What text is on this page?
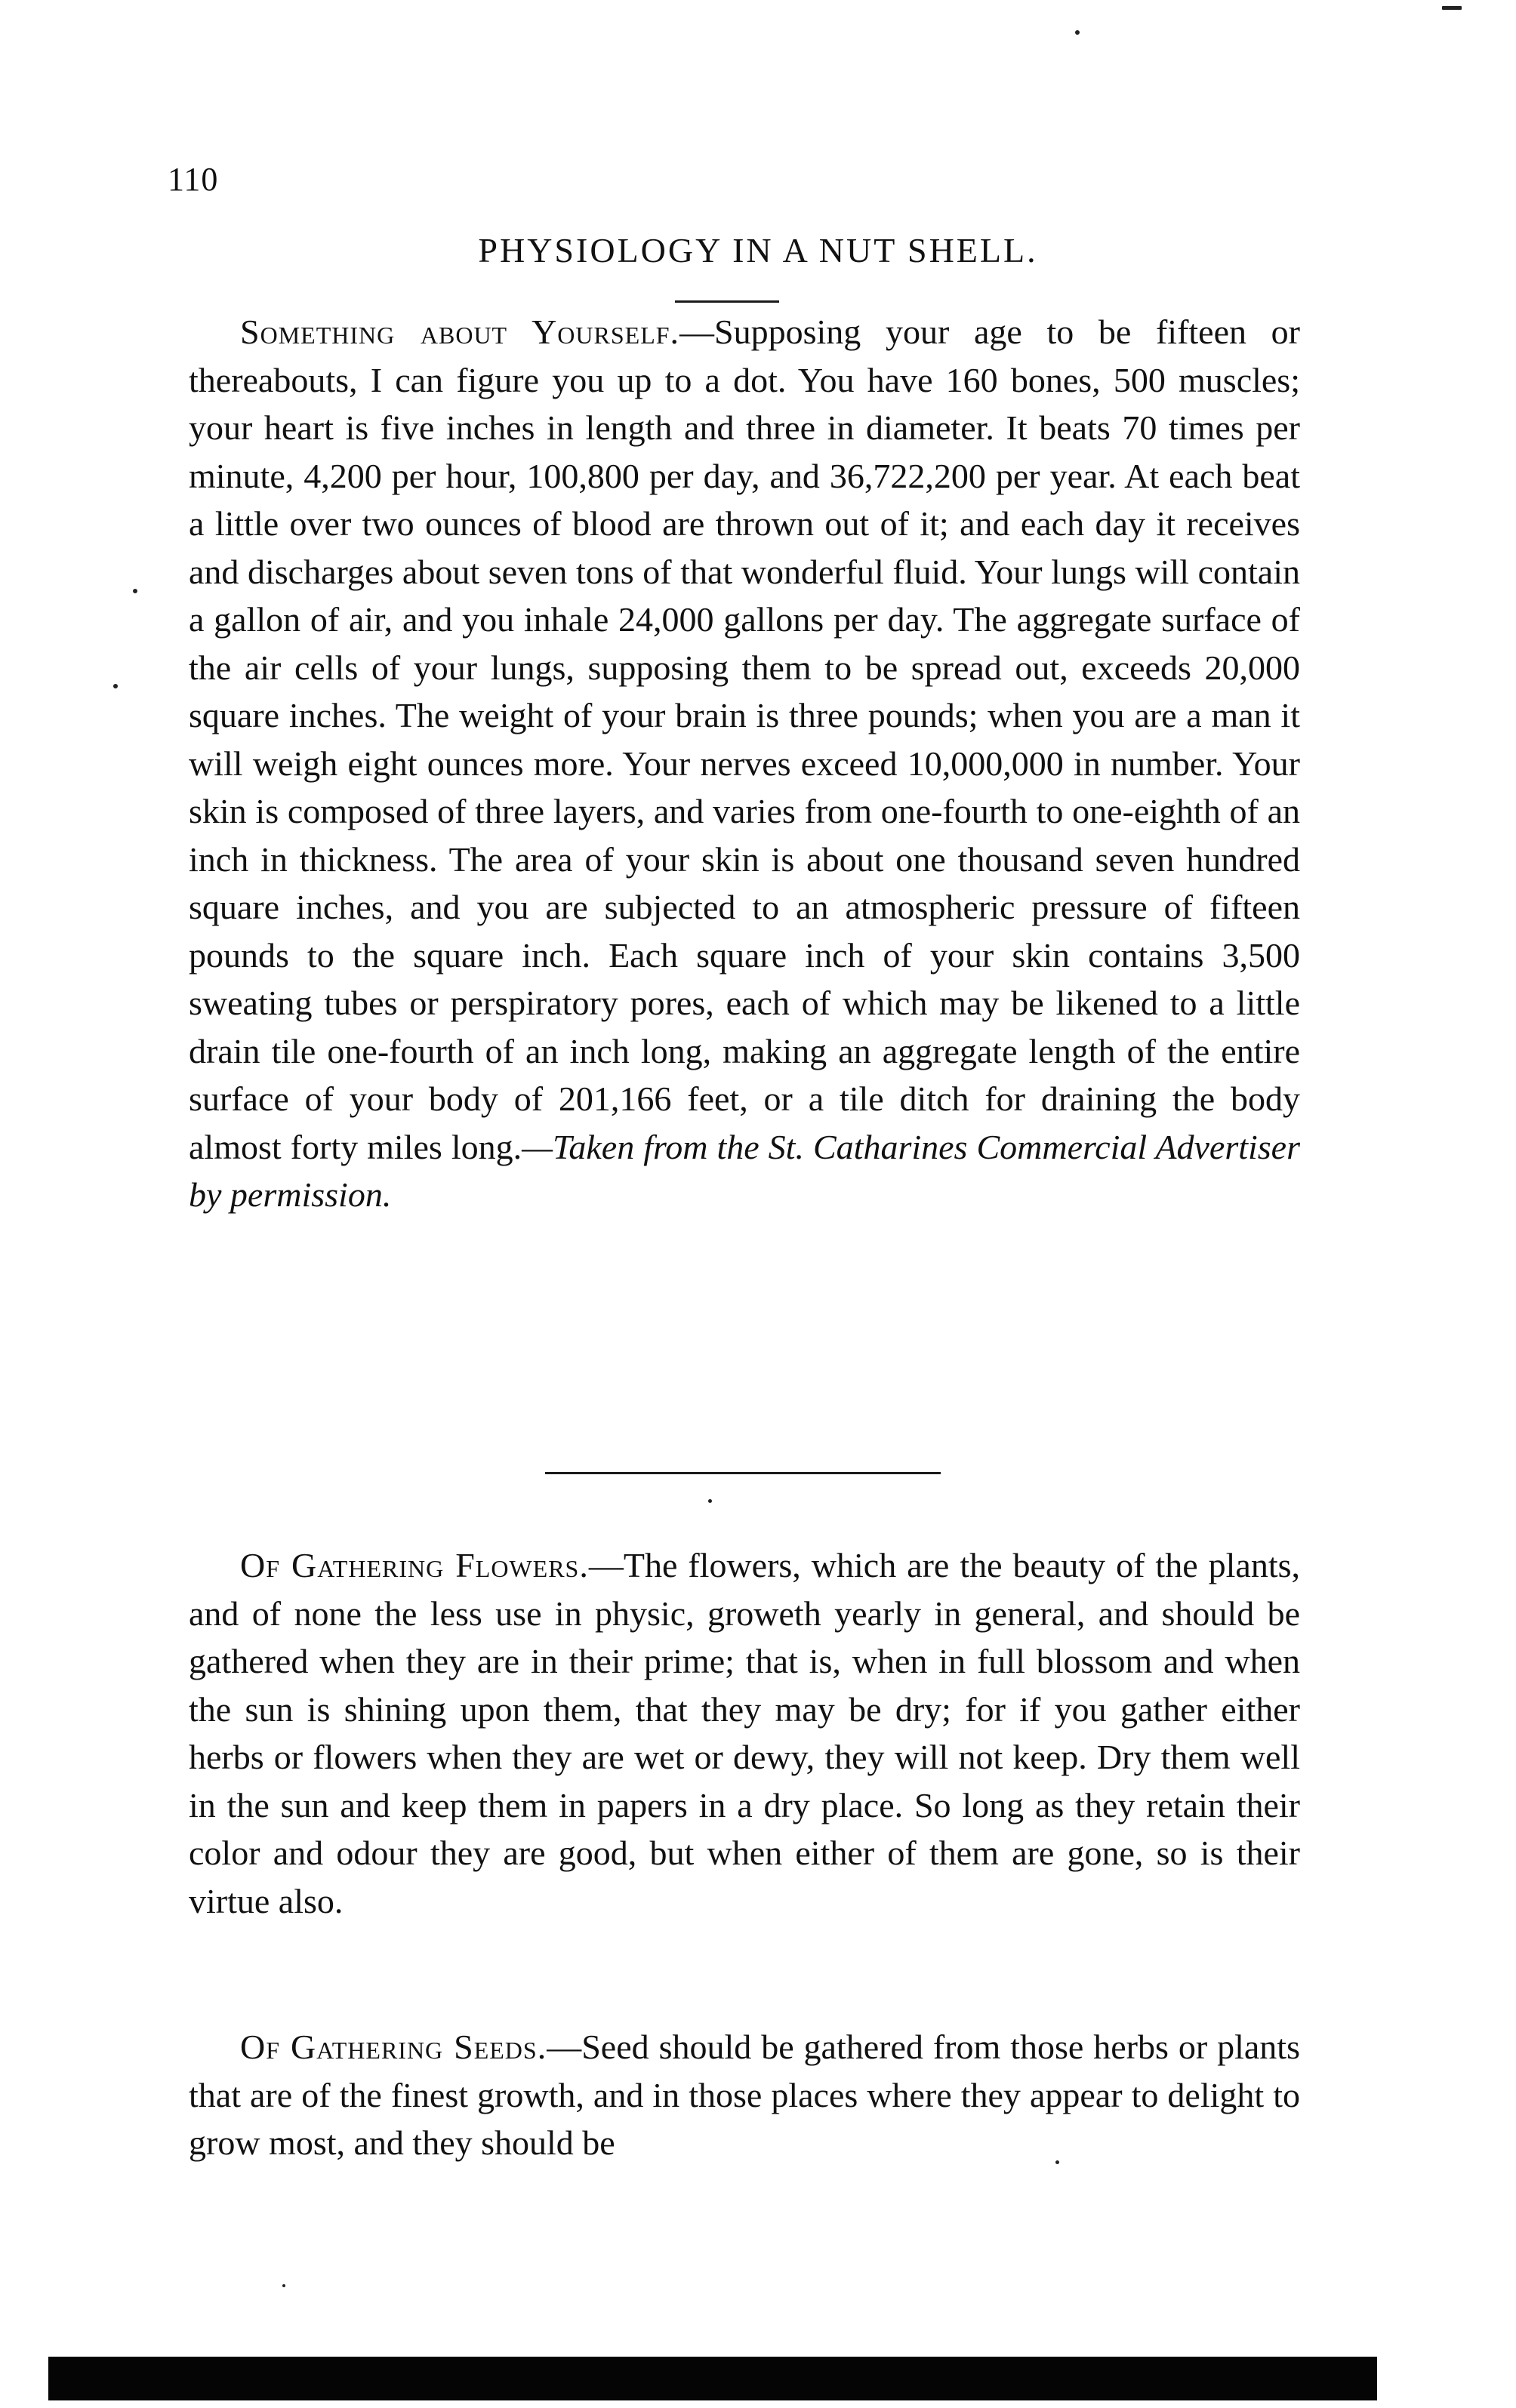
110
PHYSIOLOGY IN A NUT SHELL.

Something about Yourself.—Supposing your age to be fifteen or thereabouts, I can figure you up to a dot. You have 160 bones, 500 muscles; your heart is five inches in length and three in diameter. It beats 70 times per minute, 4,200 per hour, 100,800 per day, and 36,722,200 per year. At each beat a little over two ounces of blood are thrown out of it; and each day it receives and discharges about seven tons of that wonderful fluid. Your lungs will contain a gallon of air, and you inhale 24,000 gallons per day. The aggregate surface of the air cells of your lungs, supposing them to be spread out, exceeds 20,000 square inches. The weight of your brain is three pounds; when you are a man it will weigh eight ounces more. Your nerves exceed 10,000,000 in number. Your skin is composed of three layers, and varies from one-fourth to one-eighth of an inch in thickness. The area of your skin is about one thousand seven hundred square inches, and you are subjected to an atmospheric pressure of fifteen pounds to the square inch. Each square inch of your skin contains 3,500 sweating tubes or perspiratory pores, each of which may be likened to a little drain tile one-fourth of an inch long, making an aggregate length of the entire surface of your body of 201,166 feet, or a tile ditch for draining the body almost forty miles long.—Taken from the St. Catharines Commercial Advertiser by permission.

Of Gathering Flowers.—The flowers, which are the beauty of the plants, and of none the less use in physic, groweth yearly in general, and should be gathered when they are in their prime; that is, when in full blossom and when the sun is shining upon them, that they may be dry; for if you gather either herbs or flowers when they are wet or dewy, they will not keep. Dry them well in the sun and keep them in papers in a dry place. So long as they retain their color and odour they are good, but when either of them are gone, so is their virtue also.

Of Gathering Seeds.—Seed should be gathered from those herbs or plants that are of the finest growth, and in those places where they appear to delight to grow most, and they should be
